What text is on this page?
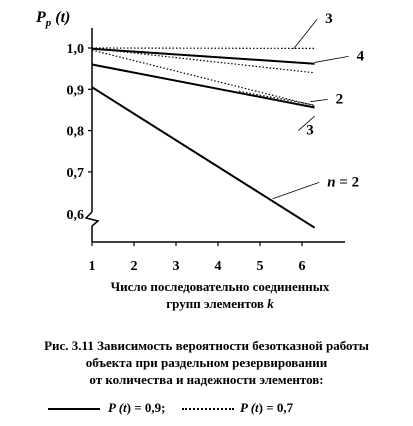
$P_p$ (t)
1,0
0,9
0,8
0,7
0,6
1	2	3	4	5	6
3
4
2
3
n = 2
Число последовательно соединенных
групп элементов k
Рис. 3.11 Зависимость вероятности безотказной работы
объекта при раздельном резервировании
от количества и надежности элементов:
P (t) = 0,9;	P (t) = 0,7
